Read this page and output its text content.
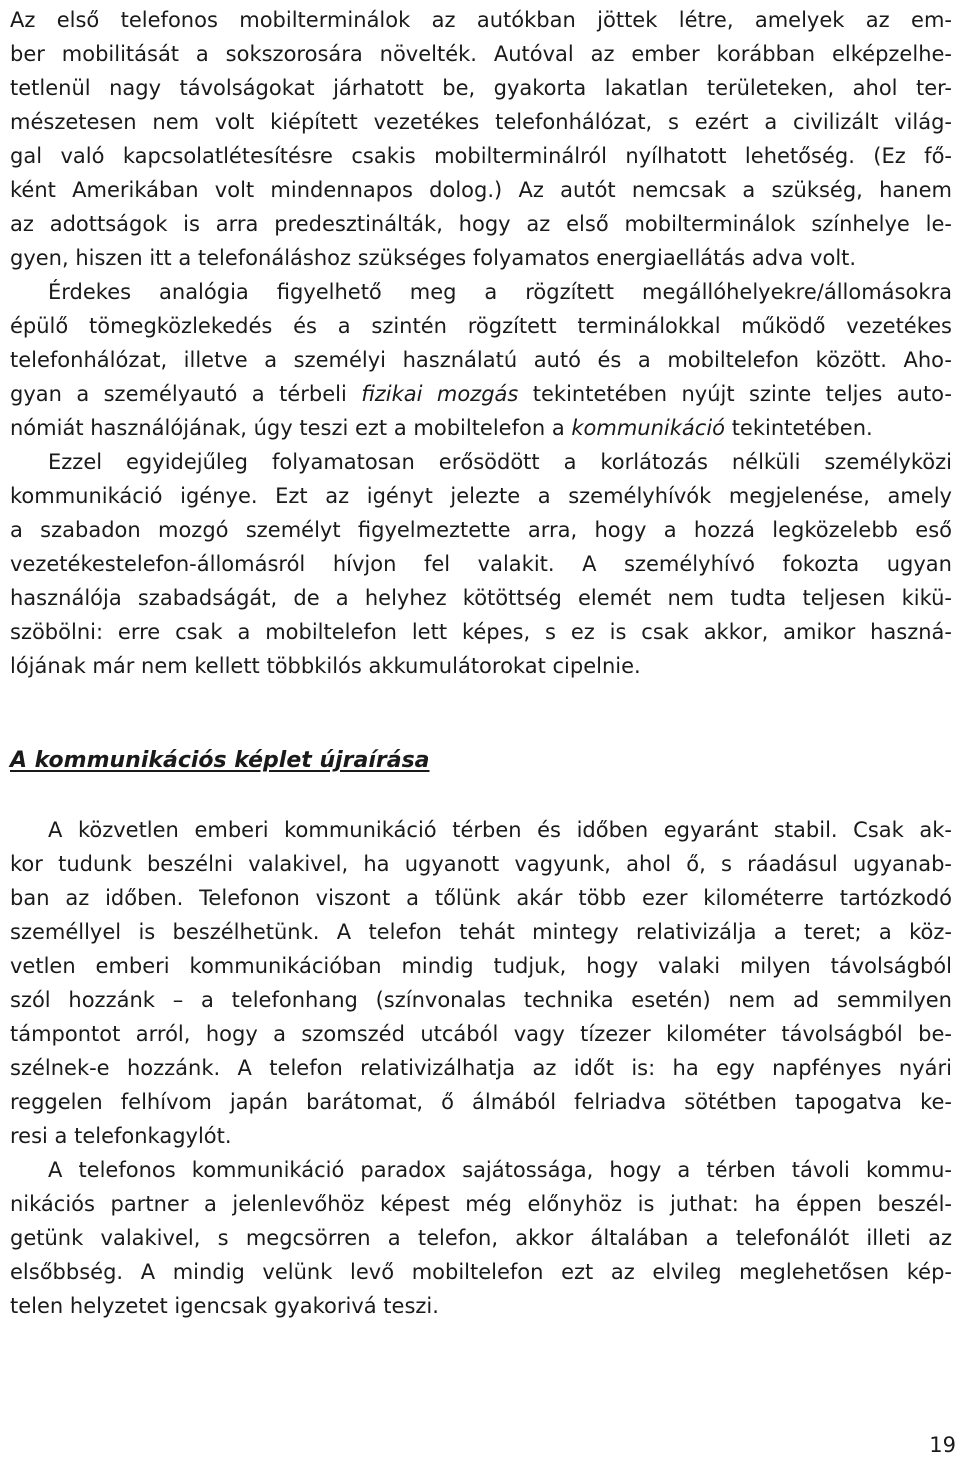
Az első telefonos mobilterminálok az autókban jöttek létre, amelyek az em-
ber mobilitását a sokszorosára növelték. Autóval az ember korábban elképzelhe-
tetlenül nagy távolságokat járhatott be, gyakorta lakatlan területeken, ahol ter-
mészetesen nem volt kiépített vezetékes telefonhálózat, s ezért a civilizált világ-
gal való kapcsolatlétesítésre csakis mobilterminálról nyílhatott lehetőség. (Ez fő-
ként Amerikában volt mindennapos dolog.) Az autót nemcsak a szükség, hanem
az adottságok is arra predesztinálták, hogy az első mobilterminálok színhelye le-
gyen, hiszen itt a telefonáláshoz szükséges folyamatos energiaellátás adva volt.
Érdekes analógia figyelhető meg a rögzített megállóhelyekre/állomásokra
épülő tömegközlekedés és a szintén rögzített terminálokkal működő vezetékes
telefonhálózat, illetve a személyi használatú autó és a mobiltelefon között. Aho-
gyan a személyautó a térbeli fizikai mozgás tekintetében nyújt szinte teljes auto-
nómiát használójának, úgy teszi ezt a mobiltelefon a kommunikáció tekintetében.
Ezzel egyidejűleg folyamatosan erősödött a korlátozás nélküli személyközi
kommunikáció igénye. Ezt az igényt jelezte a személyhívók megjelenése, amely
a szabadon mozgó személyt figyelmeztette arra, hogy a hozzá legközelebb eső
vezetékestelefon-állomásról hívjon fel valakit. A személyhívó fokozta ugyan
használója szabadságát, de a helyhez kötöttség elemét nem tudta teljesen kikü-
szöbölni: erre csak a mobiltelefon lett képes, s ez is csak akkor, amikor haszná-
lójának már nem kellett többkilós akkumulátorokat cipelnie.
A kommunikációs képlet újraírása
A közvetlen emberi kommunikáció térben és időben egyaránt stabil. Csak ak-
kor tudunk beszélni valakivel, ha ugyanott vagyunk, ahol ő, s ráadásul ugyanab-
ban az időben. Telefonon viszont a tőlünk akár több ezer kilométerre tartózkodó
személlyel is beszélhetünk. A telefon tehát mintegy relativizálja a teret; a köz-
vetlen emberi kommunikációban mindig tudjuk, hogy valaki milyen távolságból
szól hozzánk – a telefonhang (színvonalas technika esetén) nem ad semmilyen
támpontot arról, hogy a szomszéd utcából vagy tízezer kilométer távolságból be-
szélnek-e hozzánk. A telefon relativizálhatja az időt is: ha egy napfényes nyári
reggelen felhívom japán barátomat, ő álmából felriadva sötétben tapogatva ke-
resi a telefonkagylót.
A telefonos kommunikáció paradox sajátossága, hogy a térben távoli kommu-
nikációs partner a jelenlevőhöz képest még előnyhöz is juthat: ha éppen beszél-
getünk valakivel, s megcsörren a telefon, akkor általában a telefonálót illeti az
elsőbbség. A mindig velünk levő mobiltelefon ezt az elvileg meglehetősen kép-
telen helyzetet igencsak gyakorivá teszi.
19
